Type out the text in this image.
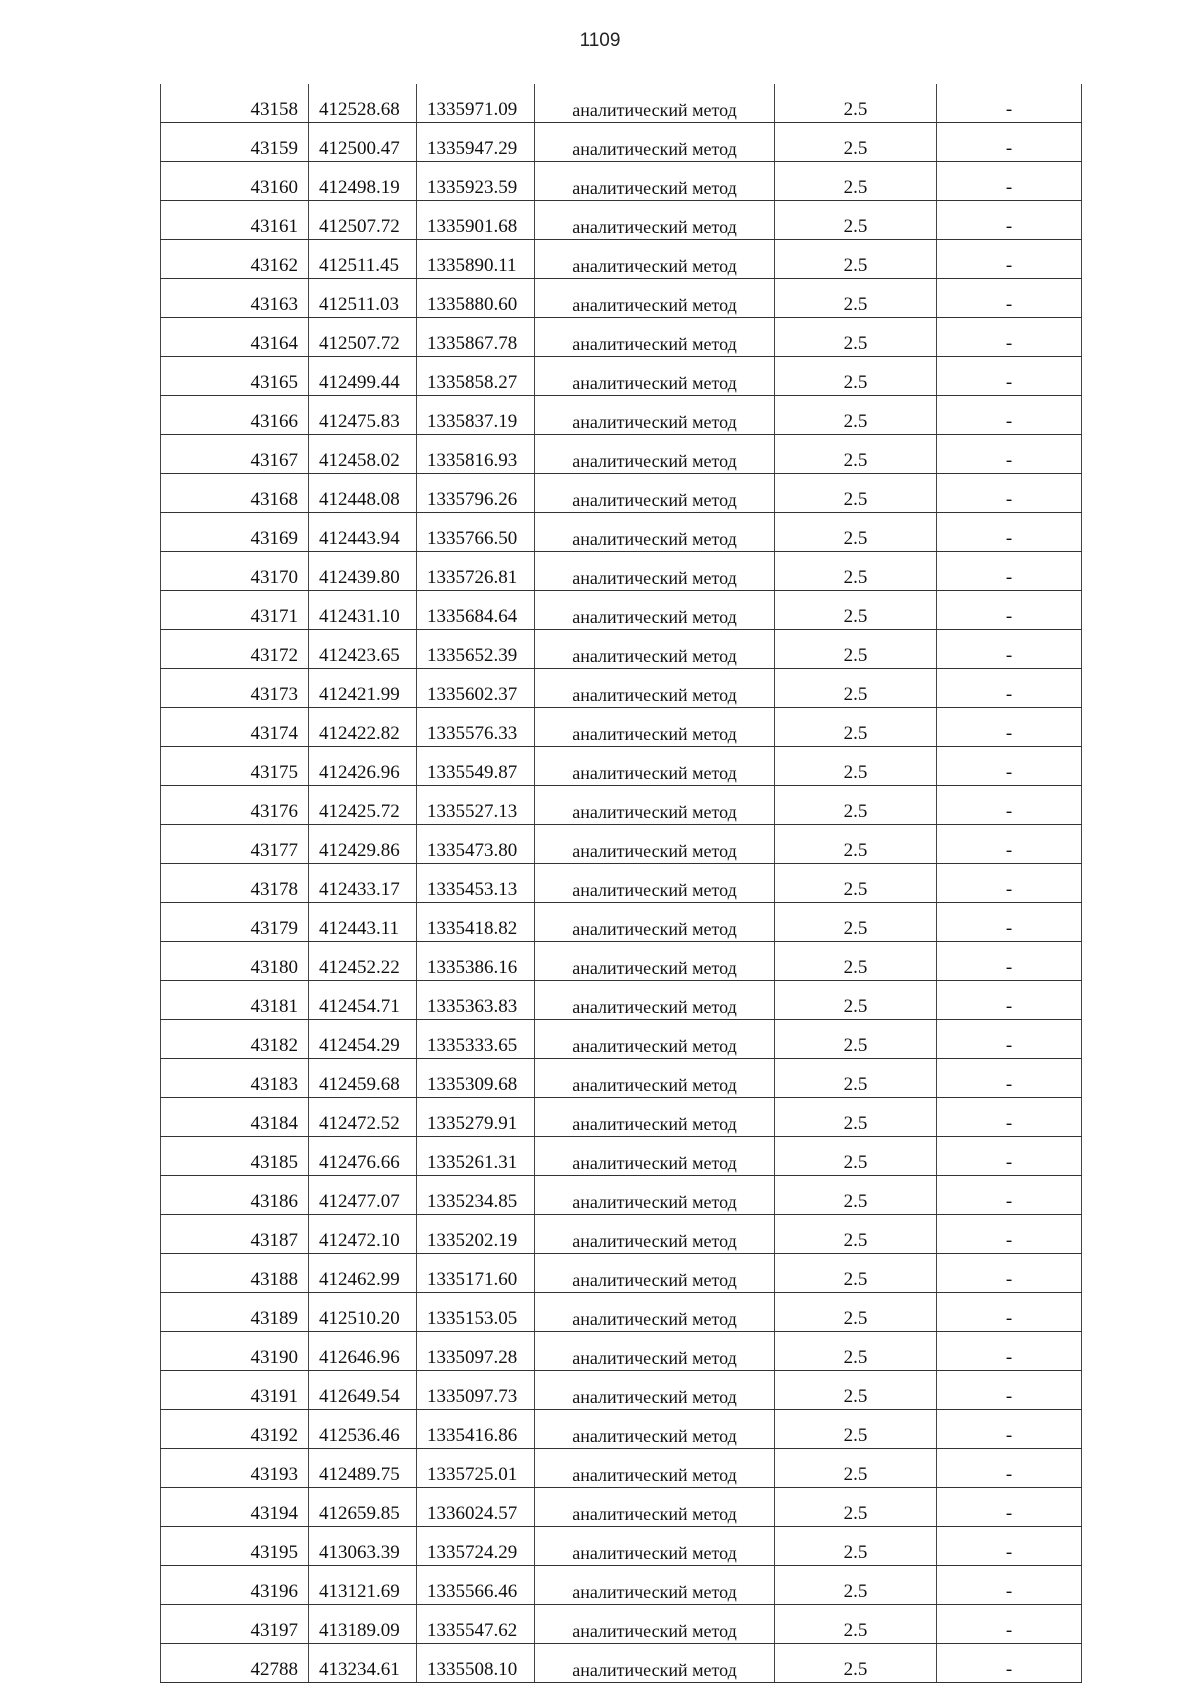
1109
43158	412528.68	1335971.09	аналитический метод	2.5	-
43159	412500.47	1335947.29	аналитический метод	2.5	-
43160	412498.19	1335923.59	аналитический метод	2.5	-
43161	412507.72	1335901.68	аналитический метод	2.5	-
43162	412511.45	1335890.11	аналитический метод	2.5	-
43163	412511.03	1335880.60	аналитический метод	2.5	-
43164	412507.72	1335867.78	аналитический метод	2.5	-
43165	412499.44	1335858.27	аналитический метод	2.5	-
43166	412475.83	1335837.19	аналитический метод	2.5	-
43167	412458.02	1335816.93	аналитический метод	2.5	-
43168	412448.08	1335796.26	аналитический метод	2.5	-
43169	412443.94	1335766.50	аналитический метод	2.5	-
43170	412439.80	1335726.81	аналитический метод	2.5	-
43171	412431.10	1335684.64	аналитический метод	2.5	-
43172	412423.65	1335652.39	аналитический метод	2.5	-
43173	412421.99	1335602.37	аналитический метод	2.5	-
43174	412422.82	1335576.33	аналитический метод	2.5	-
43175	412426.96	1335549.87	аналитический метод	2.5	-
43176	412425.72	1335527.13	аналитический метод	2.5	-
43177	412429.86	1335473.80	аналитический метод	2.5	-
43178	412433.17	1335453.13	аналитический метод	2.5	-
43179	412443.11	1335418.82	аналитический метод	2.5	-
43180	412452.22	1335386.16	аналитический метод	2.5	-
43181	412454.71	1335363.83	аналитический метод	2.5	-
43182	412454.29	1335333.65	аналитический метод	2.5	-
43183	412459.68	1335309.68	аналитический метод	2.5	-
43184	412472.52	1335279.91	аналитический метод	2.5	-
43185	412476.66	1335261.31	аналитический метод	2.5	-
43186	412477.07	1335234.85	аналитический метод	2.5	-
43187	412472.10	1335202.19	аналитический метод	2.5	-
43188	412462.99	1335171.60	аналитический метод	2.5	-
43189	412510.20	1335153.05	аналитический метод	2.5	-
43190	412646.96	1335097.28	аналитический метод	2.5	-
43191	412649.54	1335097.73	аналитический метод	2.5	-
43192	412536.46	1335416.86	аналитический метод	2.5	-
43193	412489.75	1335725.01	аналитический метод	2.5	-
43194	412659.85	1336024.57	аналитический метод	2.5	-
43195	413063.39	1335724.29	аналитический метод	2.5	-
43196	413121.69	1335566.46	аналитический метод	2.5	-
43197	413189.09	1335547.62	аналитический метод	2.5	-
42788	413234.61	1335508.10	аналитический метод	2.5	-
